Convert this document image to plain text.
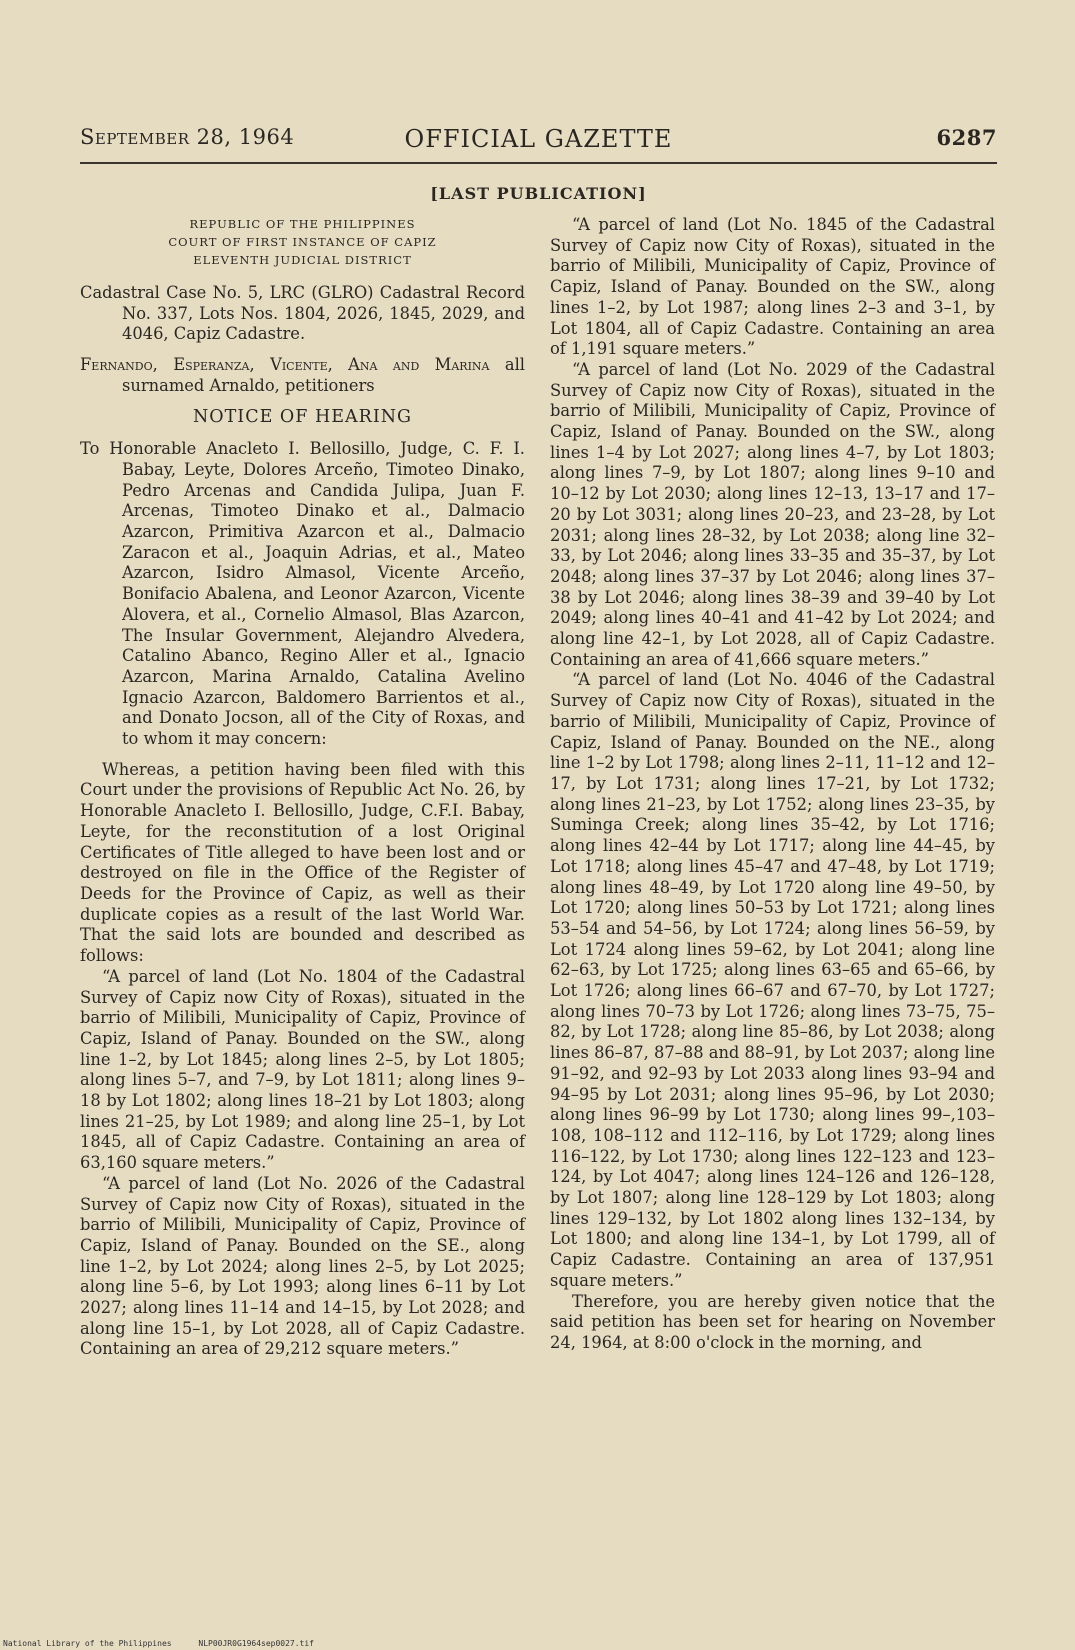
September 28, 1964	OFFICIAL GAZETTE	6287
[LAST PUBLICATION]

REPUBLIC OF THE PHILIPPINES
COURT OF FIRST INSTANCE OF CAPIZ
ELEVENTH JUDICIAL DISTRICT

Cadastral Case No. 5, LRC (GLRO) Cadastral Record No. 337, Lots Nos. 1804, 2026, 1845, 2029, and 4046, Capiz Cadastre.

Fernando, Esperanza, Vicente, Ana and Marina all surnamed Arnaldo, petitioners

NOTICE OF HEARING

To Honorable Anacleto I. Bellosillo, Judge, C. F. I. Babay, Leyte, Dolores Arceño, Timoteo Dinako, Pedro Arcenas and Candida Julipa, Juan F. Arcenas, Timoteo Dinako et al., Dalmacio Azarcon, Primitiva Azarcon et al., Dalmacio Zaracon et al., Joaquin Adrias, et al., Mateo Azarcon, Isidro Almasol, Vicente Arceño, Bonifacio Abalena, and Leonor Azarcon, Vicente Alovera, et al., Cornelio Almasol, Blas Azarcon, The Insular Government, Alejandro Alvedera, Catalino Abanco, Regino Aller et al., Ignacio Azarcon, Marina Arnaldo, Catalina Avelino Ignacio Azarcon, Baldomero Barrientos et al., and Donato Jocson, all of the City of Roxas, and to whom it may concern:

Whereas, a petition having been filed with this Court under the provisions of Republic Act No. 26, by Honorable Anacleto I. Bellosillo, Judge, C.F.I. Babay, Leyte, for the reconstitution of a lost Original Certificates of Title alleged to have been lost and or destroyed on file in the Office of the Register of Deeds for the Province of Capiz, as well as their duplicate copies as a result of the last World War. That the said lots are bounded and described as follows:

“A parcel of land (Lot No. 1804 of the Cadastral Survey of Capiz now City of Roxas), situated in the barrio of Milibili, Municipality of Capiz, Province of Capiz, Island of Panay. Bounded on the SW., along line 1–2, by Lot 1845; along lines 2–5, by Lot 1805; along lines 5–7, and 7–9, by Lot 1811; along lines 9–18 by Lot 1802; along lines 18–21 by Lot 1803; along lines 21–25, by Lot 1989; and along line 25–1, by Lot 1845, all of Capiz Cadastre. Containing an area of 63,160 square meters.”

“A parcel of land (Lot No. 2026 of the Cadastral Survey of Capiz now City of Roxas), situated in the barrio of Milibili, Municipality of Capiz, Province of Capiz, Island of Panay. Bounded on the SE., along line 1–2, by Lot 2024; along lines 2–5, by Lot 2025; along line 5–6, by Lot 1993; along lines 6–11 by Lot 2027; along lines 11–14 and 14–15, by Lot 2028; and along line 15–1, by Lot 2028, all of Capiz Cadastre. Containing an area of 29,212 square meters.”

“A parcel of land (Lot No. 1845 of the Cadastral Survey of Capiz now City of Roxas), situated in the barrio of Milibili, Municipality of Capiz, Province of Capiz, Island of Panay. Bounded on the SW., along lines 1–2, by Lot 1987; along lines 2–3 and 3–1, by Lot 1804, all of Capiz Cadastre. Containing an area of 1,191 square meters.”

“A parcel of land (Lot No. 2029 of the Cadastral Survey of Capiz now City of Roxas), situated in the barrio of Milibili, Municipality of Capiz, Province of Capiz, Island of Panay. Bounded on the SW., along lines 1–4 by Lot 2027; along lines 4–7, by Lot 1803; along lines 7–9, by Lot 1807; along lines 9–10 and 10–12 by Lot 2030; along lines 12–13, 13–17 and 17–20 by Lot 3031; along lines 20–23, and 23–28, by Lot 2031; along lines 28–32, by Lot 2038; along line 32–33, by Lot 2046; along lines 33–35 and 35–37, by Lot 2048; along lines 37–37 by Lot 2046; along lines 37–38 by Lot 2046; along lines 38–39 and 39–40 by Lot 2049; along lines 40–41 and 41–42 by Lot 2024; and along line 42–1, by Lot 2028, all of Capiz Cadastre. Containing an area of 41,666 square meters.”

“A parcel of land (Lot No. 4046 of the Cadastral Survey of Capiz now City of Roxas), situated in the barrio of Milibili, Municipality of Capiz, Province of Capiz, Island of Panay. Bounded on the NE., along line 1–2 by Lot 1798; along lines 2–11, 11–12 and 12–17, by Lot 1731; along lines 17–21, by Lot 1732; along lines 21–23, by Lot 1752; along lines 23–35, by Suminga Creek; along lines 35–42, by Lot 1716; along lines 42–44 by Lot 1717; along line 44–45, by Lot 1718; along lines 45–47 and 47–48, by Lot 1719; along lines 48–49, by Lot 1720 along line 49–50, by Lot 1720; along lines 50–53 by Lot 1721; along lines 53–54 and 54–56, by Lot 1724; along lines 56–59, by Lot 1724 along lines 59–62, by Lot 2041; along line 62–63, by Lot 1725; along lines 63–65 and 65–66, by Lot 1726; along lines 66–67 and 67–70, by Lot 1727; along lines 70–73 by Lot 1726; along lines 73–75, 75–82, by Lot 1728; along line 85–86, by Lot 2038; along lines 86–87, 87–88 and 88–91, by Lot 2037; along line 91–92, and 92–93 by Lot 2033 along lines 93–94 and 94–95 by Lot 2031; along lines 95–96, by Lot 2030; along lines 96–99 by Lot 1730; along lines 99–,103–108, 108–112 and 112–116, by Lot 1729; along lines 116–122, by Lot 1730; along lines 122–123 and 123–124, by Lot 4047; along lines 124–126 and 126–128, by Lot 1807; along line 128–129 by Lot 1803; along lines 129–132, by Lot 1802 along lines 132–134, by Lot 1800; and along line 134–1, by Lot 1799, all of Capiz Cadastre. Containing an area of 137,951 square meters.”

Therefore, you are hereby given notice that the said petition has been set for hearing on November 24, 1964, at 8:00 o'clock in the morning, and

National Library of the Philippines	NLP00JR0G1964sep0027.tif
